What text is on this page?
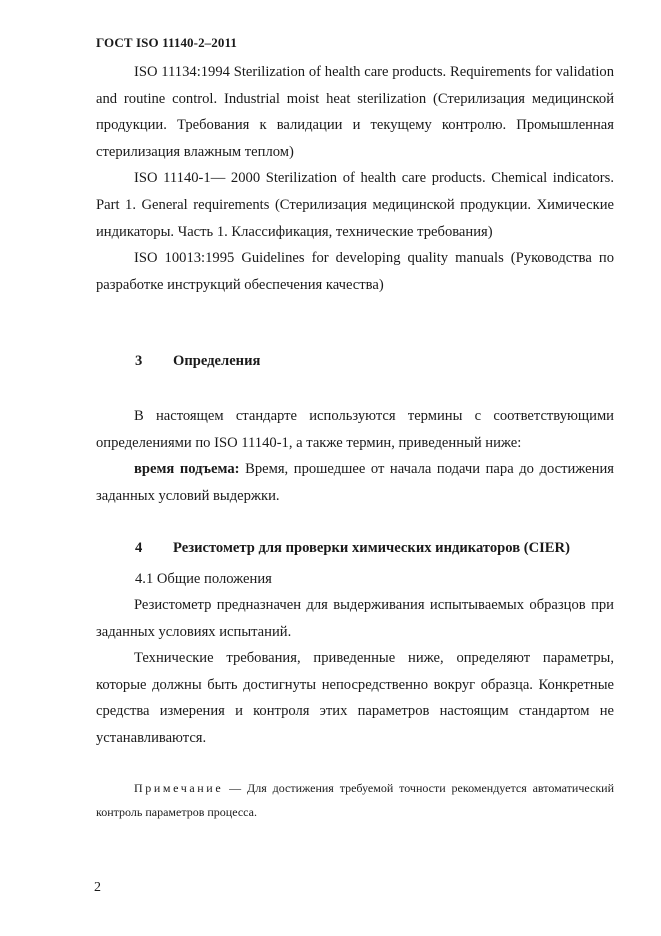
ГОСТ ISO 11140-2–2011

ISO 11134:1994 Sterilization of health care products. Requirements for validation and routine control. Industrial moist heat sterilization (Стерилизация медицинской продукции. Требования к валидации и текущему контролю. Промышленная стерилизация влажным теплом)

ISO 11140-1— 2000 Sterilization of health care products. Chemical indicators. Part 1. General requirements (Стерилизация медицинской продукции. Химические индикаторы. Часть 1. Классификация, технические требования)

ISO 10013:1995 Guidelines for developing quality manuals (Руководства по разработке инструкций обеспечения качества)

3 Определения

В настоящем стандарте используются термины с соответствующими определениями по ISO 11140-1, а также термин, приведенный ниже:

время подъема: Время, прошедшее от начала подачи пара до достижения заданных условий выдержки.

4 Резистометр для проверки химических индикаторов (CIER)
4.1 Общие положения

Резистометр предназначен для выдерживания испытываемых образцов при заданных условиях испытаний.

Технические требования, приведенные ниже, определяют параметры, которые должны быть достигнуты непосредственно вокруг образца. Конкретные средства измерения и контроля этих параметров настоящим стандартом не устанавливаются.

Примечание — Для достижения требуемой точности рекомендуется автоматический контроль параметров процесса.

2
